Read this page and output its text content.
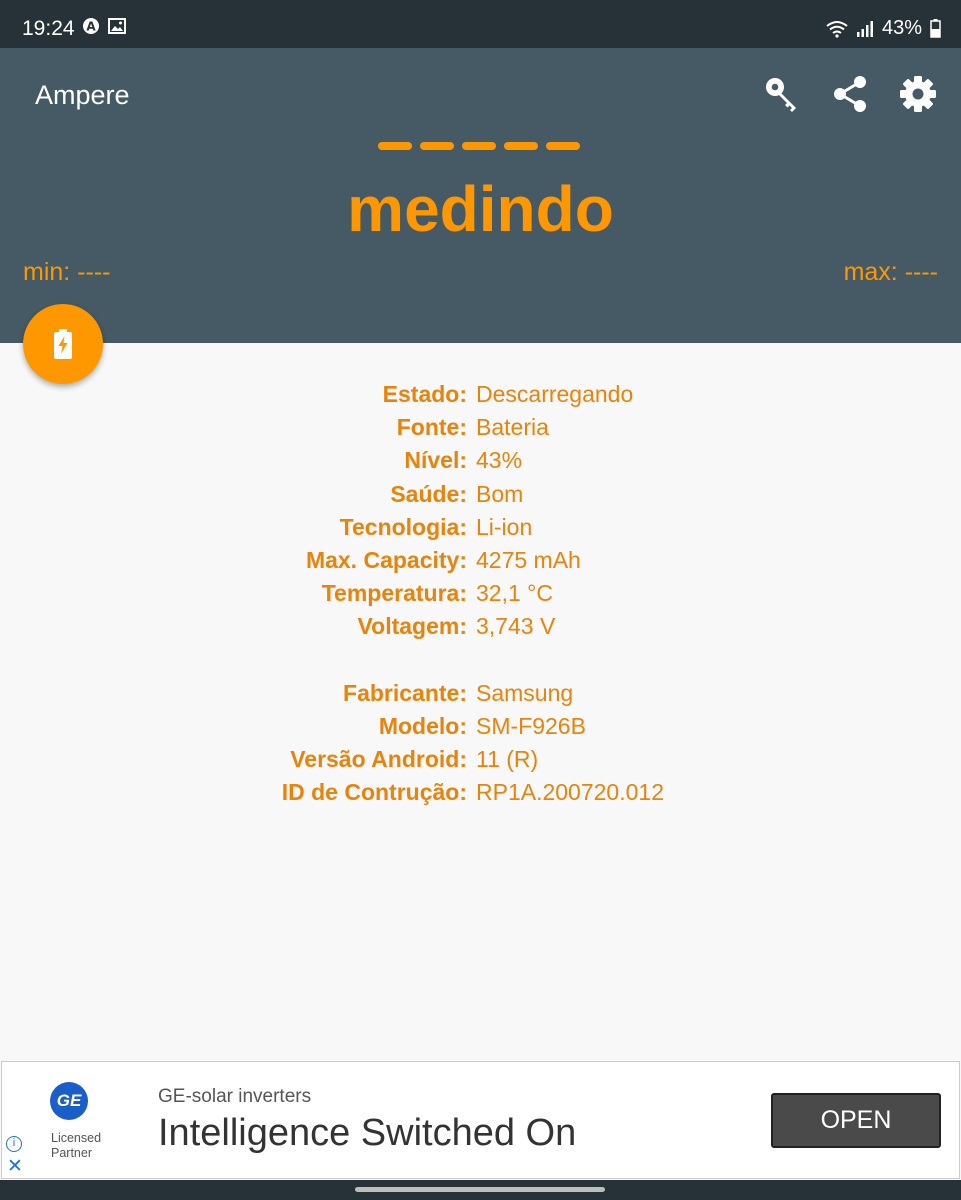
19:24 A	43%
Ampere
medindo
min: ----	max: ----
Estado: Descarregando
Fonte: Bateria
Nível: 43%
Saúde: Bom
Tecnologia: Li-ion
Max. Capacity: 4275 mAh
Temperatura: 32,1 °C
Voltagem: 3,743 V
Fabricante: Samsung
Modelo: SM-F926B
Versão Android: 11 (R)
ID de Contrução: RP1A.200720.012
GE
Licensed
Partner
i
✕
GE-solar inverters
Intelligence Switched On	OPEN
